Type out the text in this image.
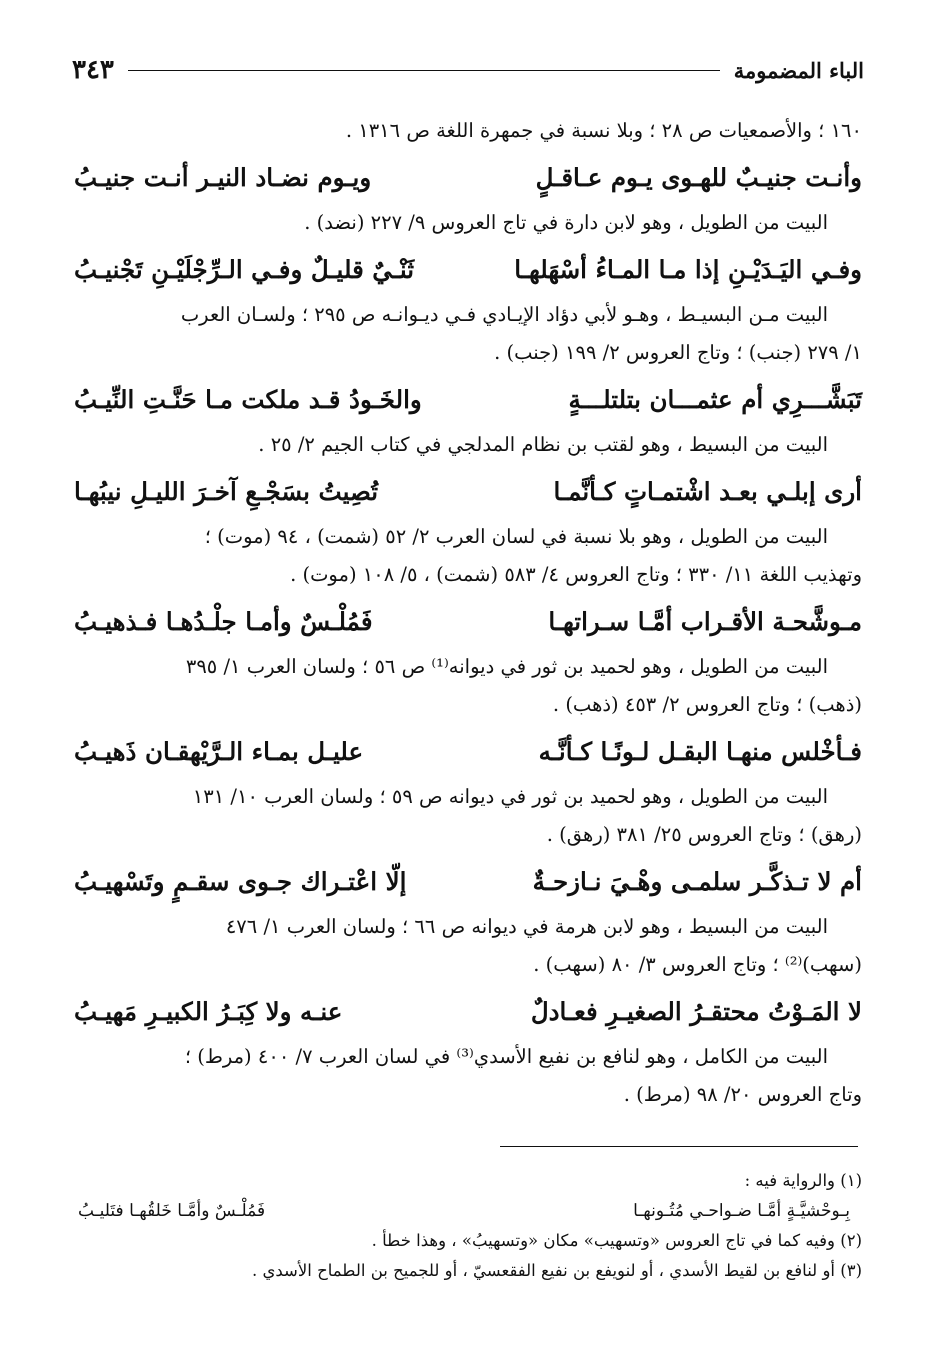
الباء المضمومة
٣٤٣

١٦٠ ؛ والأصمعيات ص ٢٨ ؛ وبلا نسبة في جمهرة اللغة ص ١٣١٦ .

وأنـت جنيـبٌ للهـوى يـوم عـاقـلٍ
ويـوم نضـاد النيـر أنـت جنيـبُ

البيت من الطويل ، وهو لابن دارة في تاج العروس ٩/ ٢٢٧ (نضد) .

وفـي اليَـدَيْـنِ إذا مـا المـاءُ أسْهَلهـا
ثَنْـيٌ قليـلٌ وفـي الـرِّجْلَيْـنِ تَجْنيـبُ

البيت مـن البسيـط ، وهـو لأبي دؤاد الإيـادي فـي ديـوانـه ص ٢٩٥ ؛ ولسـان العرب

١/ ٢٧٩ (جنب) ؛ وتاج العروس ٢/ ١٩٩ (جنب) .

تَبَشَّـــرِي أم عثمـــان بتلتلـــةٍ
والخَـودُ قـد ملكت مـا حَنَّـتِ النِّيـبُ

البيت من البسيط ، وهو لقتب بن نظام المدلجي في كتاب الجيم ٢/ ٢٥ .

أرى إبلـي بعـد اشْتمـاتٍ كـأنَّمـا
تُصِيتُ بسَجْـعِ آخـرَ الليـلِ نيبُهـا

البيت من الطويل ، وهو بلا نسبة في لسان العرب ٢/ ٥٢ (شمت) ، ٩٤ (موت) ؛

وتهذيب اللغة ١١/ ٣٣٠ ؛ وتاج العروس ٤/ ٥٨٣ (شمت) ، ٥/ ١٠٨ (موت) .

مـوشَّحـة الأقـراب أمَّـا سـراتهـا
فَمُلْـسٌ وأمـا جلْـدُهـا فـذهيـبُ

البيت من الطويل ، وهو لحميد بن ثور في ديوانه⁽¹⁾ ص ٥٦ ؛ ولسان العرب ١/ ٣٩٥

(ذهب) ؛ وتاج العروس ٢/ ٤٥٣ (ذهب) .

فـأخْلس منهـا البقـل لـونًـا كـأنَّـه
عليـل بمـاء الـرَّيْهقـان ذَهيـبُ

البيت من الطويل ، وهو لحميد بن ثور في ديوانه ص ٥٩ ؛ ولسان العرب ١٠/ ١٣١

(رهق) ؛ وتاج العروس ٢٥/ ٣٨١ (رهق) .

أم لا تـذكَّـر سلمـى وهْـيَ نـازحـةٌ
إلّا اعْتـراك جـوى سقـمٍ وتَسْهيـبُ

البيت من البسيط ، وهو لابن هرمة في ديوانه ص ٦٦ ؛ ولسان العرب ١/ ٤٧٦

(سهب)⁽²⁾ ؛ وتاج العروس ٣/ ٨٠ (سهب) .

لا المَـوْتُ محتقـرُ الصغيـرِ فعـادلٌ
عنـه ولا كِبَـرُ الكبيـرِ مَهيـبُ

البيت من الكامل ، وهو لنافع بن نفيع الأسدي⁽³⁾ في لسان العرب ٧/ ٤٠٠ (مرط) ؛

وتاج العروس ٢٠/ ٩٨ (مرط) .

(١) والرواية فيه :

بِـوحْشيَّـةٍ أمَّـا ضـواحـي مُتُـونهـا
فَمُلْـسٌ وأمَّـا خَلقُهـا فتَليـبُ

(٢) وفيه كما في تاج العروس «وتسهيب» مكان «وتسهيبُ» ، وهذا خطأ .

(٣) أو لنافع بن لقيط الأسدي ، أو لنويفع بن نفيع الفقعسيّ ، أو للجميح بن الطماح الأسدي .
